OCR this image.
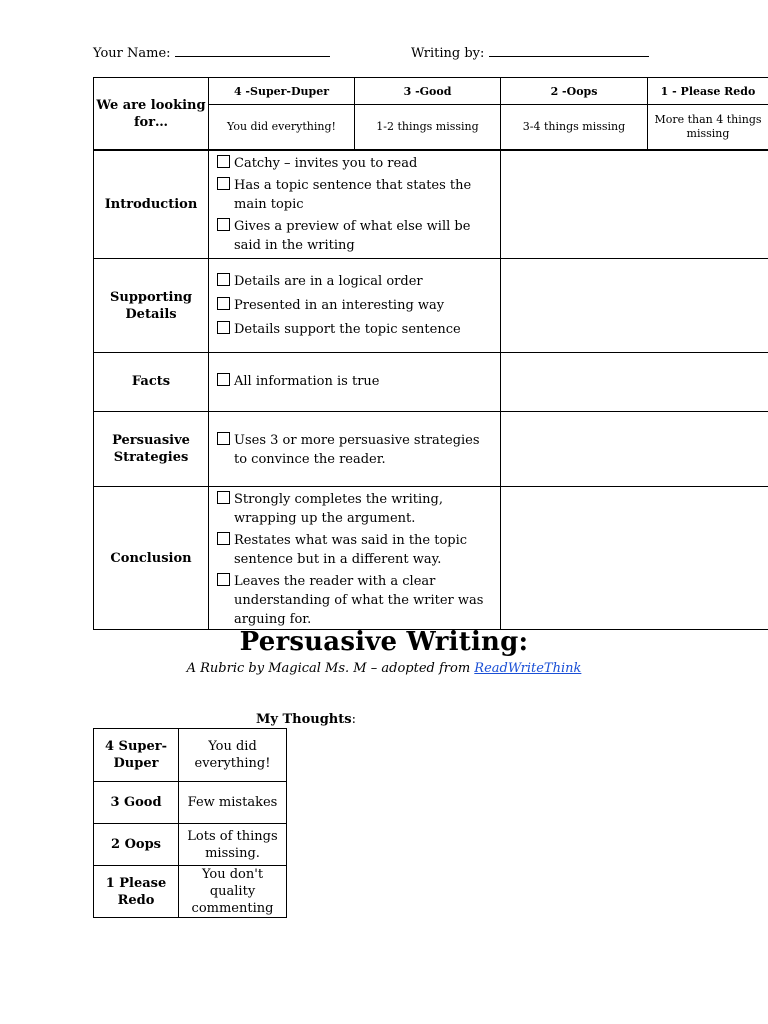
Your Name:	Writing by:
We are looking for…	4 -Super-Duper	3 -Good	2 -Oops	1 - Please Redo
	You did everything!	1-2 things missing	3-4 things missing	More than 4 things missing
Introduction	Catchy – invites you to read
Has a topic sentence that states the main topic
Gives a preview of what else will be said in the writing			

Supporting Details	Details are in a logical order
Presented in an interesting way
Details support the topic sentence			

Facts	All information is true			

Persuasive Strategies	Uses 3 or more persuasive strategies to convince the reader.			

Conclusion	Strongly completes the writing, wrapping up the argument.
Restates what was said in the topic sentence but in a different way.
Leaves the reader with a clear understanding of what the writer was arguing for.			

Persuasive Writing:
A Rubric by Magical Ms. M – adopted from ReadWriteThink
My Thoughts:
4 Super-Duper	You did everything!
3 Good	Few mistakes
2 Oops	Lots of things missing.
1 Please Redo	You don't quality commenting
